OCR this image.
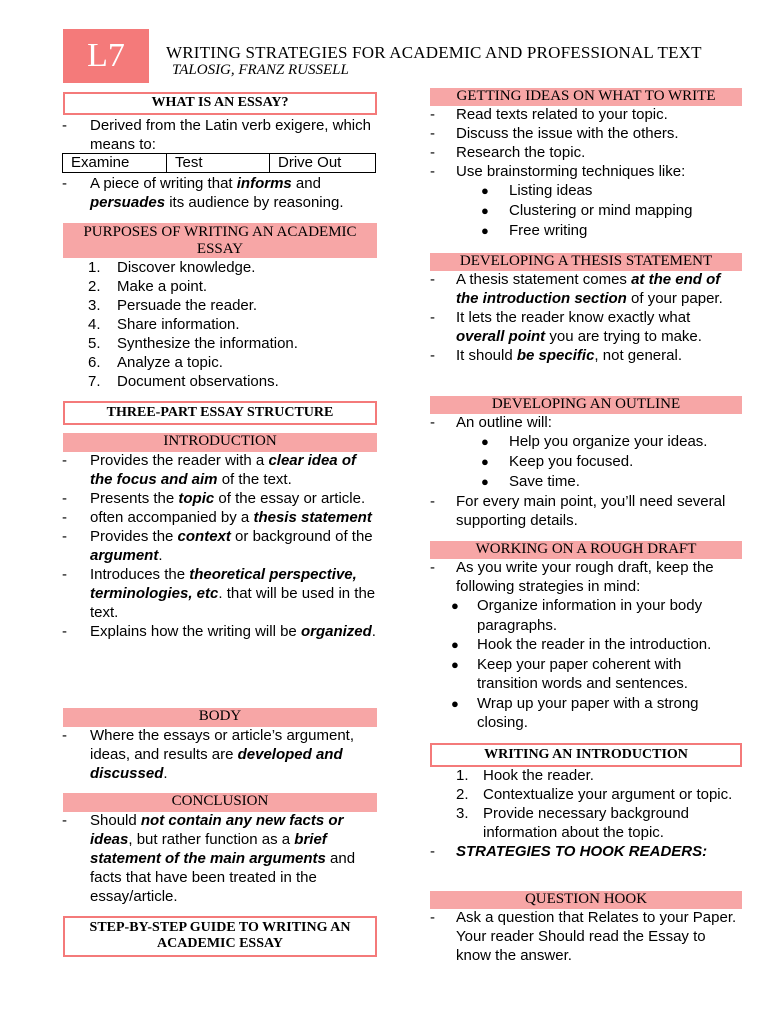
L7 WRITING STRATEGIES FOR ACADEMIC AND PROFESSIONAL TEXT
TALOSIG, FRANZ RUSSELL
WHAT IS AN ESSAY?
- Derived from the Latin verb exigere, which means to:
Examine	Test	Drive Out
- A piece of writing that informs and persuades its audience by reasoning.
PURPOSES OF WRITING AN ACADEMIC ESSAY
1. Discover knowledge.
2. Make a point.
3. Persuade the reader.
4. Share information.
5. Synthesize the information.
6. Analyze a topic.
7. Document observations.
THREE-PART ESSAY STRUCTURE
INTRODUCTION
- Provides the reader with a clear idea of the focus and aim of the text.
- Presents the topic of the essay or article.
- often accompanied by a thesis statement
- Provides the context or background of the argument.
- Introduces the theoretical perspective, terminologies, etc. that will be used in the text.
- Explains how the writing will be organized.
BODY
- Where the essays or article’s argument, ideas, and results are developed and discussed.
CONCLUSION
- Should not contain any new facts or ideas, but rather function as a brief statement of the main arguments and facts that have been treated in the essay/article.
STEP-BY-STEP GUIDE TO WRITING AN ACADEMIC ESSAY
GETTING IDEAS ON WHAT TO WRITE
- Read texts related to your topic.
- Discuss the issue with the others.
- Research the topic.
- Use brainstorming techniques like:
● Listing ideas
● Clustering or mind mapping
● Free writing
DEVELOPING A THESIS STATEMENT
- A thesis statement comes at the end of the introduction section of your paper.
- It lets the reader know exactly what overall point you are trying to make.
- It should be specific, not general.
DEVELOPING AN OUTLINE
- An outline will:
● Help you organize your ideas.
● Keep you focused.
● Save time.
- For every main point, you’ll need several supporting details.
WORKING ON A ROUGH DRAFT
- As you write your rough draft, keep the following strategies in mind:
● Organize information in your body paragraphs.
● Hook the reader in the introduction.
● Keep your paper coherent with transition words and sentences.
● Wrap up your paper with a strong closing.
WRITING AN INTRODUCTION
1. Hook the reader.
2. Contextualize your argument or topic.
3. Provide necessary background information about the topic.
- STRATEGIES TO HOOK READERS:
QUESTION HOOK
- Ask a question that Relates to your Paper. Your reader Should read the Essay to know the answer.
